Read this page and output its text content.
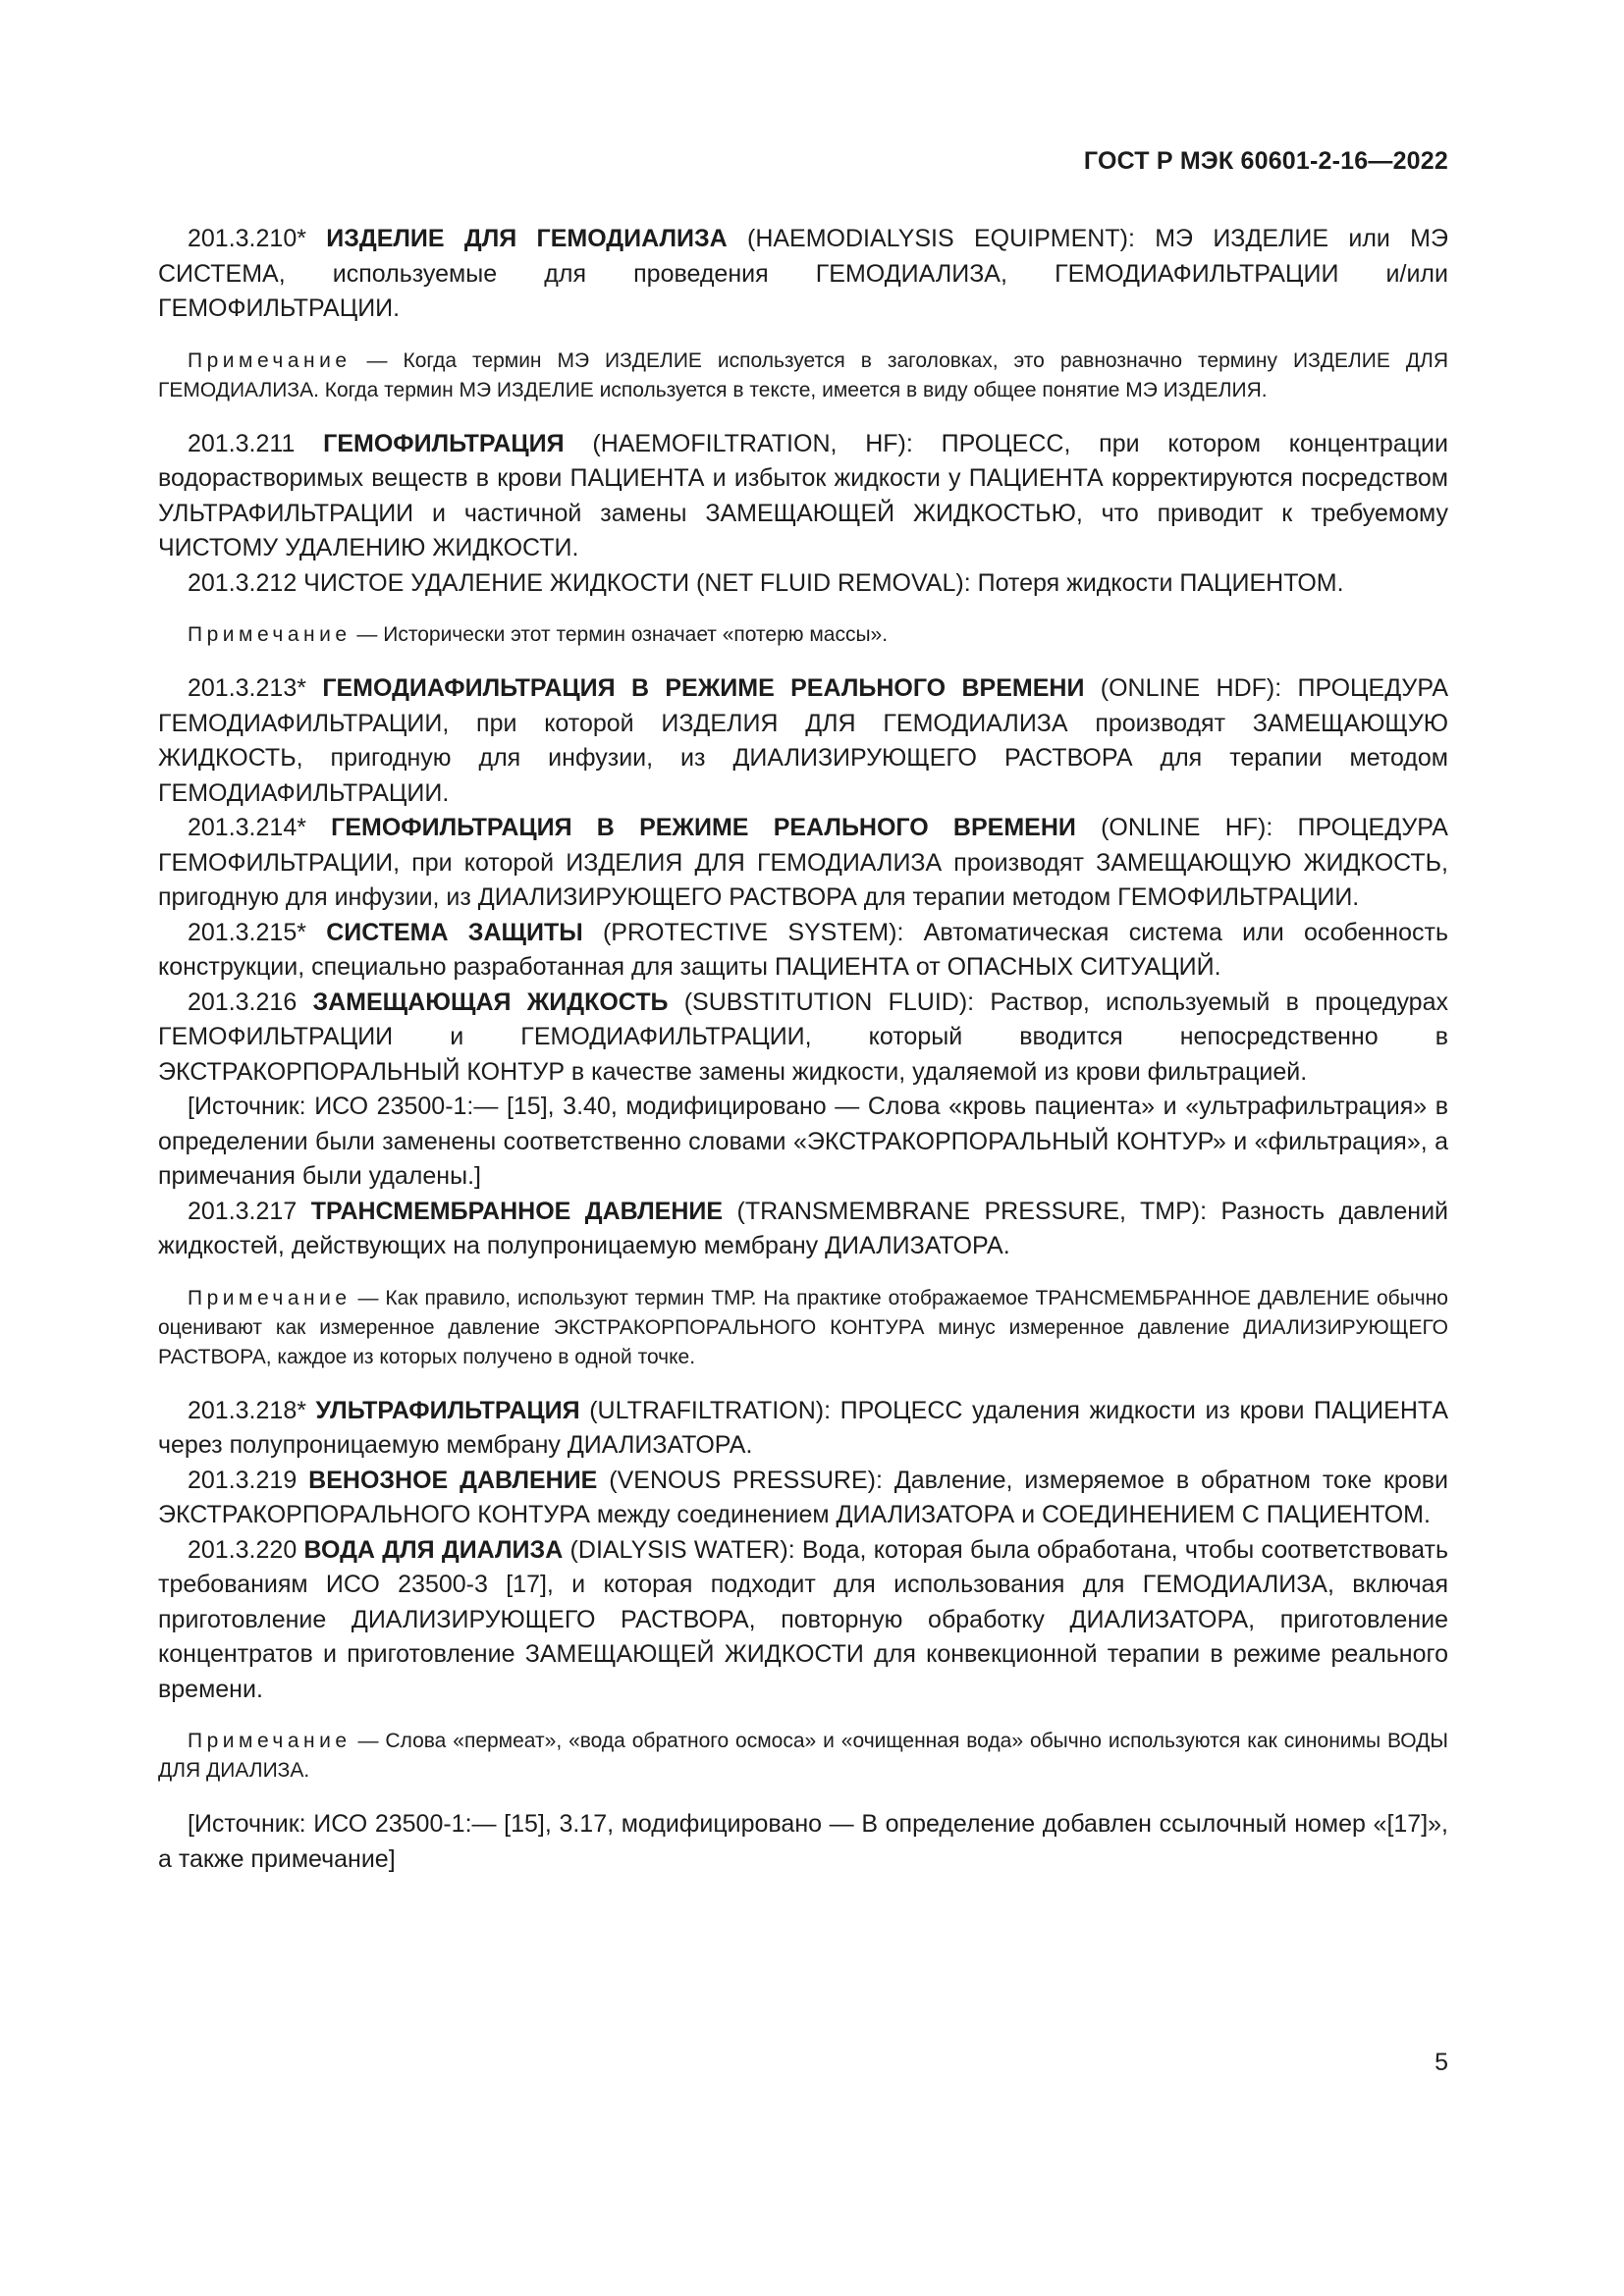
ГОСТ Р МЭК 60601-2-16—2022

201.3.210* ИЗДЕЛИЕ ДЛЯ ГЕМОДИАЛИЗА (HAEMODIALYSIS EQUIPMENT): МЭ ИЗДЕЛИЕ или МЭ СИСТЕМА, используемые для проведения ГЕМОДИАЛИЗА, ГЕМОДИАФИЛЬТРАЦИИ и/или ГЕМОФИЛЬТРАЦИИ.

Примечание — Когда термин МЭ ИЗДЕЛИЕ используется в заголовках, это равнозначно термину ИЗДЕЛИЕ ДЛЯ ГЕМОДИАЛИЗА. Когда термин МЭ ИЗДЕЛИЕ используется в тексте, имеется в виду общее понятие МЭ ИЗДЕЛИЯ.

201.3.211 ГЕМОФИЛЬТРАЦИЯ (HAEMOFILTRATION, HF): ПРОЦЕСС, при котором концентрации водорастворимых веществ в крови ПАЦИЕНТА и избыток жидкости у ПАЦИЕНТА корректируются посредством УЛЬТРАФИЛЬТРАЦИИ и частичной замены ЗАМЕЩАЮЩЕЙ ЖИДКОСТЬЮ, что приводит к требуемому ЧИСТОМУ УДАЛЕНИЮ ЖИДКОСТИ.

201.3.212 ЧИСТОЕ УДАЛЕНИЕ ЖИДКОСТИ (NET FLUID REMOVAL): Потеря жидкости ПАЦИЕНТОМ.

Примечание — Исторически этот термин означает «потерю массы».

201.3.213* ГЕМОДИАФИЛЬТРАЦИЯ В РЕЖИМЕ РЕАЛЬНОГО ВРЕМЕНИ (ONLINE HDF): ПРОЦЕДУРА ГЕМОДИАФИЛЬТРАЦИИ, при которой ИЗДЕЛИЯ ДЛЯ ГЕМОДИАЛИЗА производят ЗАМЕЩАЮЩУЮ ЖИДКОСТЬ, пригодную для инфузии, из ДИАЛИЗИРУЮЩЕГО РАСТВОРА для терапии методом ГЕМОДИАФИЛЬТРАЦИИ.

201.3.214* ГЕМОФИЛЬТРАЦИЯ В РЕЖИМЕ РЕАЛЬНОГО ВРЕМЕНИ (ONLINE HF): ПРОЦЕДУРА ГЕМОФИЛЬТРАЦИИ, при которой ИЗДЕЛИЯ ДЛЯ ГЕМОДИАЛИЗА производят ЗАМЕЩАЮЩУЮ ЖИДКОСТЬ, пригодную для инфузии, из ДИАЛИЗИРУЮЩЕГО РАСТВОРА для терапии методом ГЕМОФИЛЬТРАЦИИ.

201.3.215* СИСТЕМА ЗАЩИТЫ (PROTECTIVE SYSTEM): Автоматическая система или особенность конструкции, специально разработанная для защиты ПАЦИЕНТА от ОПАСНЫХ СИТУАЦИЙ.

201.3.216 ЗАМЕЩАЮЩАЯ ЖИДКОСТЬ (SUBSTITUTION FLUID): Раствор, используемый в процедурах ГЕМОФИЛЬТРАЦИИ и ГЕМОДИАФИЛЬТРАЦИИ, который вводится непосредственно в ЭКСТРАКОРПОРАЛЬНЫЙ КОНТУР в качестве замены жидкости, удаляемой из крови фильтрацией.

[Источник: ИСО 23500-1:— [15], 3.40, модифицировано — Слова «кровь пациента» и «ультрафильтрация» в определении были заменены соответственно словами «ЭКСТРАКОРПОРАЛЬНЫЙ КОНТУР» и «фильтрация», а примечания были удалены.]

201.3.217 ТРАНСМЕМБРАННОЕ ДАВЛЕНИЕ (TRANSMEMBRANE PRESSURE, TMP): Разность давлений жидкостей, действующих на полупроницаемую мембрану ДИАЛИЗАТОРА.

Примечание — Как правило, используют термин ТМР. На практике отображаемое ТРАНСМЕМБРАННОЕ ДАВЛЕНИЕ обычно оценивают как измеренное давление ЭКСТРАКОРПОРАЛЬНОГО КОНТУРА минус измеренное давление ДИАЛИЗИРУЮЩЕГО РАСТВОРА, каждое из которых получено в одной точке.

201.3.218* УЛЬТРАФИЛЬТРАЦИЯ (ULTRAFILTRATION): ПРОЦЕСС удаления жидкости из крови ПАЦИЕНТА через полупроницаемую мембрану ДИАЛИЗАТОРА.

201.3.219 ВЕНОЗНОЕ ДАВЛЕНИЕ (VENOUS PRESSURE): Давление, измеряемое в обратном токе крови ЭКСТРАКОРПОРАЛЬНОГО КОНТУРА между соединением ДИАЛИЗАТОРА и СОЕДИНЕНИЕМ С ПАЦИЕНТОМ.

201.3.220 ВОДА ДЛЯ ДИАЛИЗА (DIALYSIS WATER): Вода, которая была обработана, чтобы соответствовать требованиям ИСО 23500-3 [17], и которая подходит для использования для ГЕМОДИАЛИЗА, включая приготовление ДИАЛИЗИРУЮЩЕГО РАСТВОРА, повторную обработку ДИАЛИЗАТОРА, приготовление концентратов и приготовление ЗАМЕЩАЮЩЕЙ ЖИДКОСТИ для конвекционной терапии в режиме реального времени.

Примечание — Слова «пермеат», «вода обратного осмоса» и «очищенная вода» обычно используются как синонимы ВОДЫ ДЛЯ ДИАЛИЗА.

[Источник: ИСО 23500-1:— [15], 3.17, модифицировано — В определение добавлен ссылочный номер «[17]», а также примечание]

5
